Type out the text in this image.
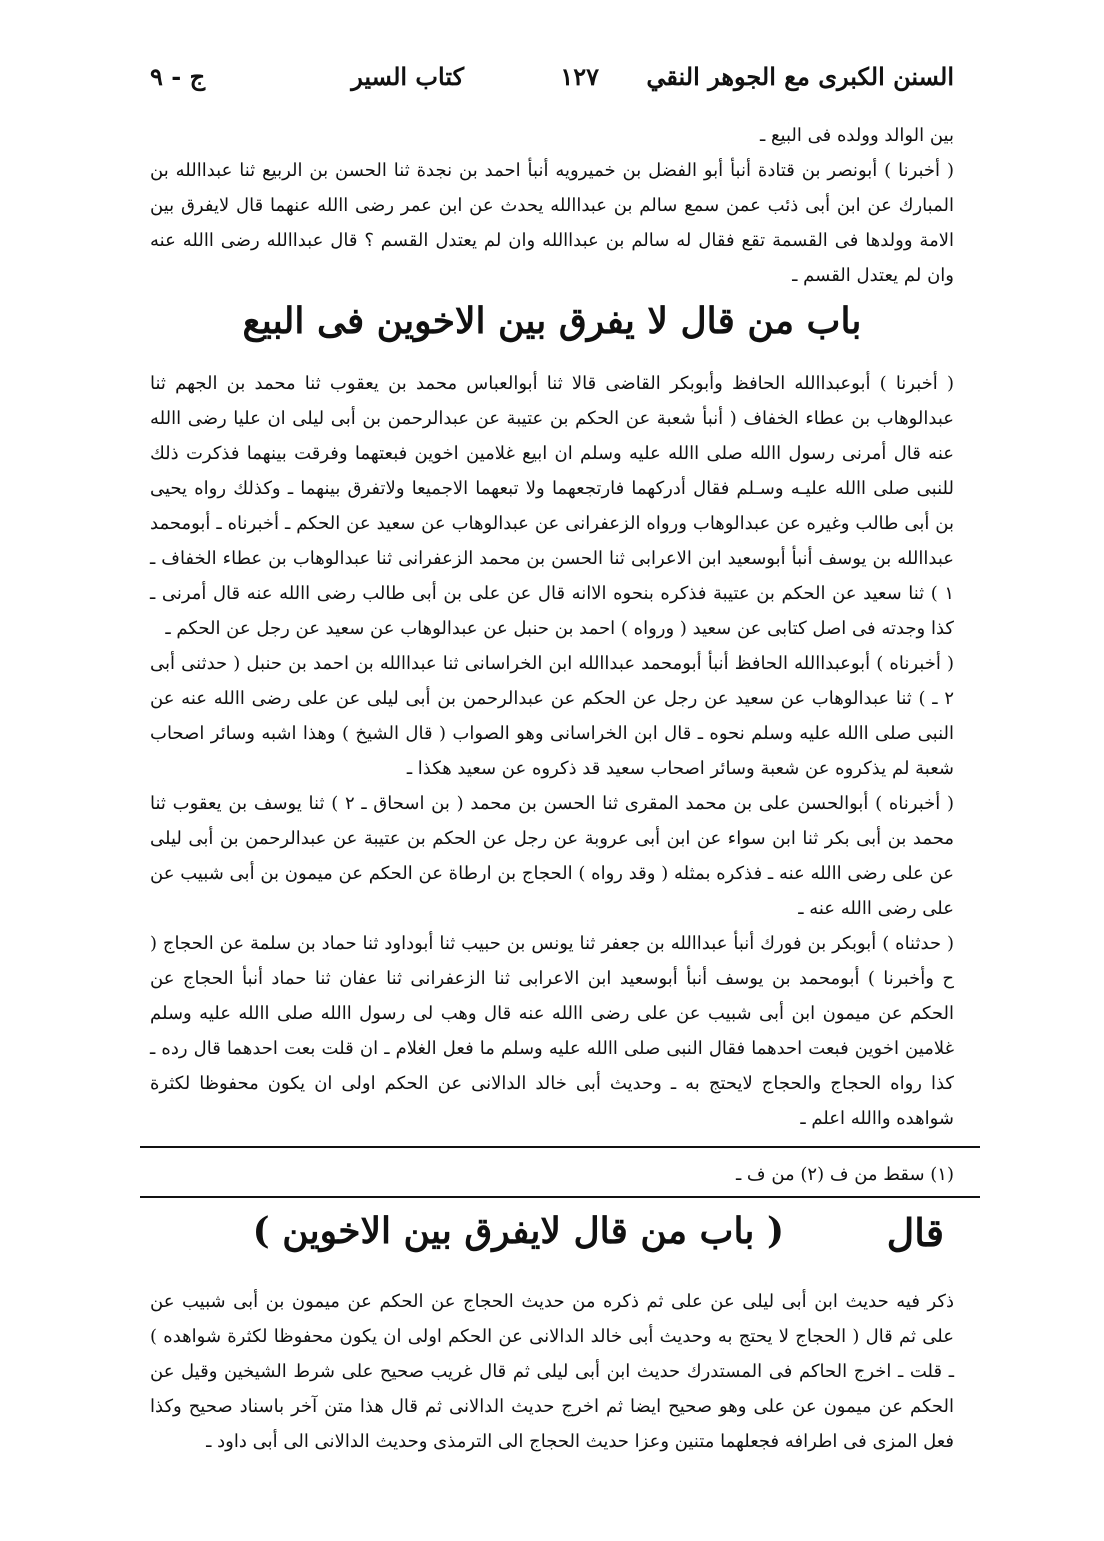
السنن الكبرى مع الجوهر النقي
١٢٧
كتاب السير
ج - ٩

بين الوالد وولده فى البيع ـ

( أخبرنا ) أبونصر بن قتادة أنبأ أبو الفضل بن خميرويه أنبأ احمد بن نجدة ثنا الحسن بن الربيع ثنا عبداالله بن المبارك عن ابن أبى ذئب عمن سمع سالم بن عبداالله يحدث عن ابن عمر رضى االله عنهما قال لايفرق بين الامة وولدها فى القسمة تقع فقال له سالم بن عبداالله وان لم يعتدل القسم ؟ قال عبداالله رضى االله عنه وان لم يعتدل القسم ـ

باب من قال لا يفرق بين الاخوين فى البيع

( أخبرنا ) أبوعبداالله الحافظ وأبوبكر القاضى قالا ثنا أبوالعباس محمد بن يعقوب ثنا محمد بن الجهم ثنا عبدالوهاب بن عطاء الخفاف ( أنبأ شعبة عن الحكم بن عتيبة عن عبدالرحمن بن أبى ليلى ان عليا رضى االله عنه قال أمرنى رسول االله صلى االله عليه وسلم ان ابيع غلامين اخوين فبعتهما وفرقت بينهما فذكرت ذلك للنبى صلى االله عليـه وسـلم فقال أدركهما فارتجعهما ولا تبعهما الاجميعا ولاتفرق بينهما ـ وكذلك رواه يحيى بن أبى طالب وغيره عن عبدالوهاب ورواه الزعفرانى عن عبدالوهاب عن سعيد عن الحكم ـ أخبرناه ـ أبومحمد عبداالله بن يوسف أنبأ أبوسعيد ابن الاعرابى ثنا الحسن بن محمد الزعفرانى ثنا عبدالوهاب بن عطاء الخفاف ـ ١ ) ثنا سعيد عن الحكم بن عتيبة فذكره بنحوه الاانه قال عن على بن أبى طالب رضى االله عنه قال أمرنى ـ كذا وجدته فى اصل كتابى عن سعيد ( ورواه ) احمد بن حنبل عن عبدالوهاب عن سعيد عن رجل عن الحكم ـ

( أخبرناه ) أبوعبداالله الحافظ أنبأ أبومحمد عبداالله ابن الخراسانى ثنا عبداالله بن احمد بن حنبل ( حدثنى أبى ٢ ـ ) ثنا عبدالوهاب عن سعيد عن رجل عن الحكم عن عبدالرحمن بن أبى ليلى عن على رضى االله عنه عن النبى صلى االله عليه وسلم نحوه ـ قال ابن الخراسانى وهو الصواب ( قال الشيخ ) وهذا اشبه وسائر اصحاب شعبة لم يذكروه عن شعبة وسائر اصحاب سعيد قد ذكروه عن سعيد هكذا ـ

( أخبرناه ) أبوالحسن على بن محمد المقرى ثنا الحسن بن محمد ( بن اسحاق ـ ٢ ) ثنا يوسف بن يعقوب ثنا محمد بن أبى بكر ثنا ابن سواء عن ابن أبى عروبة عن رجل عن الحكم بن عتيبة عن عبدالرحمن بن أبى ليلى عن على رضى االله عنه ـ فذكره بمثله ( وقد رواه ) الحجاج بن ارطاة عن الحكم عن ميمون بن أبى شبيب عن على رضى االله عنه ـ

( حدثناه ) أبوبكر بن فورك أنبأ عبداالله بن جعفر ثنا يونس بن حبيب ثنا أبوداود ثنا حماد بن سلمة عن الحجاج ( ح وأخبرنا ) أبومحمد بن يوسف أنبأ أبوسعيد ابن الاعرابى ثنا الزعفرانى ثنا عفان ثنا حماد أنبأ الحجاج عن الحكم عن ميمون ابن أبى شبيب عن على رضى االله عنه قال وهب لى رسول االله صلى االله عليه وسلم غلامين اخوين فبعت احدهما فقال النبى صلى االله عليه وسلم ما فعل الغلام ـ ان قلت بعت احدهما قال رده ـ كذا رواه الحجاج والحجاج لايحتج به ـ وحديث أبى خالد الدالانى عن الحكم اولى ان يكون محفوظا لكثرة شواهده واالله اعلم ـ

(١) سقط من ف (٢) من ف ـ
قال
( باب من قال لايفرق بين الاخوين )

ذكر فيه حديث ابن أبى ليلى عن على ثم ذكره من حديث الحجاج عن الحكم عن ميمون بن أبى شبيب عن على ثم قال ( الحجاج لا يحتج به وحديث أبى خالد الدالانى عن الحكم اولى ان يكون محفوظا لكثرة شواهده ) ـ قلت ـ اخرج الحاكم فى المستدرك حديث ابن أبى ليلى ثم قال غريب صحيح على شرط الشيخين وقيل عن الحكم عن ميمون عن على وهو صحيح ايضا ثم اخرج حديث الدالانى ثم قال هذا متن آخر باسناد صحيح وكذا فعل المزى فى اطرافه فجعلهما متنين وعزا حديث الحجاج الى الترمذى وحديث الدالانى الى أبى داود ـ
